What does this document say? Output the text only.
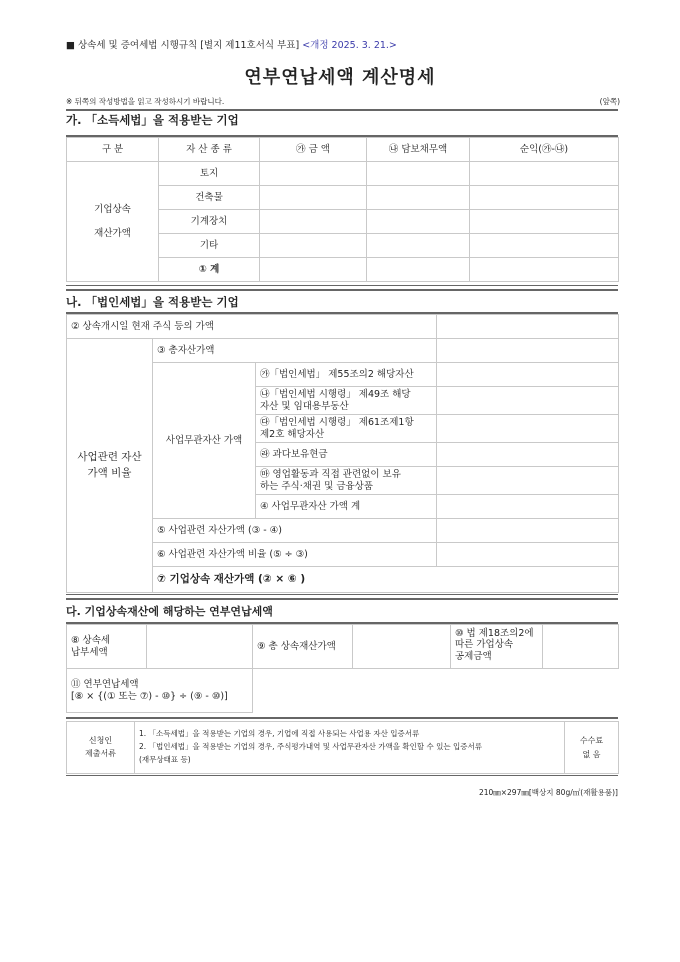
■ 상속세 및 증여세법 시행규칙 [별지 제11호서식 부표] <개정 2025. 3. 21.>
연부연납세액 계산명세
※ 뒤쪽의 작성방법을 읽고 작성하시기 바랍니다.	(앞쪽)
가. 「소득세법」을 적용받는 기업
구 분	자 산 종 류	㉮ 금 액	㉯ 담보채무액	순익(㉮-㉯)

기업상속
재산가액	토지			
	건축물			
	기계장치			
	기타			
	① 계			
나. 「법인세법」을 적용받는 기업
② 상속개시일 현재 주식 등의 가액				
사업관련 자산
가액 비율	③ 총자산가액			
	사업무관자산 가액	㉮「법인세법」 제55조의2 해당자산		
		㉯「법인세법 시행령」 제49조 해당
자산 및 임대용부동산		
		㉰「법인세법 시행령」 제61조제1항
제2호 해당자산		
		㉱ 과다보유현금		
		㉲ 영업활동과 직접 관련없이 보유
하는 주식·채권 및 금융상품		
		④ 사업무관자산 가액 계		
	⑤ 사업관련 자산가액 (③ - ④)			
	⑥ 사업관련 자산가액 비율 (⑤ ÷ ③)			
	⑦ 기업상속 재산가액 (② × ⑥ )			
다. 기업상속재산에 해당하는 연부연납세액
⑧ 상속세
납부세액		⑨ 총 상속재산가액		⑩ 법 제18조의2에
따른 가업상속
공제금액	
⑪ 연부연납세액
[⑧ × {(① 또는 ⑦) - ⑩} ÷ (⑨ - ⑩)]					
신청인
제출서류	
1. 「소득세법」을 적용받는 기업의 경우, 기업에 직접 사용되는 사업용 자산 입증서류
2. 「법인세법」을 적용받는 기업의 경우, 주식평가내역 및 사업무관자산 가액을 확인할 수 있는 입증서류
(재무상태표 등)

수수료
없 음
210㎜×297㎜[백상지 80g/㎡(재활용품)]
